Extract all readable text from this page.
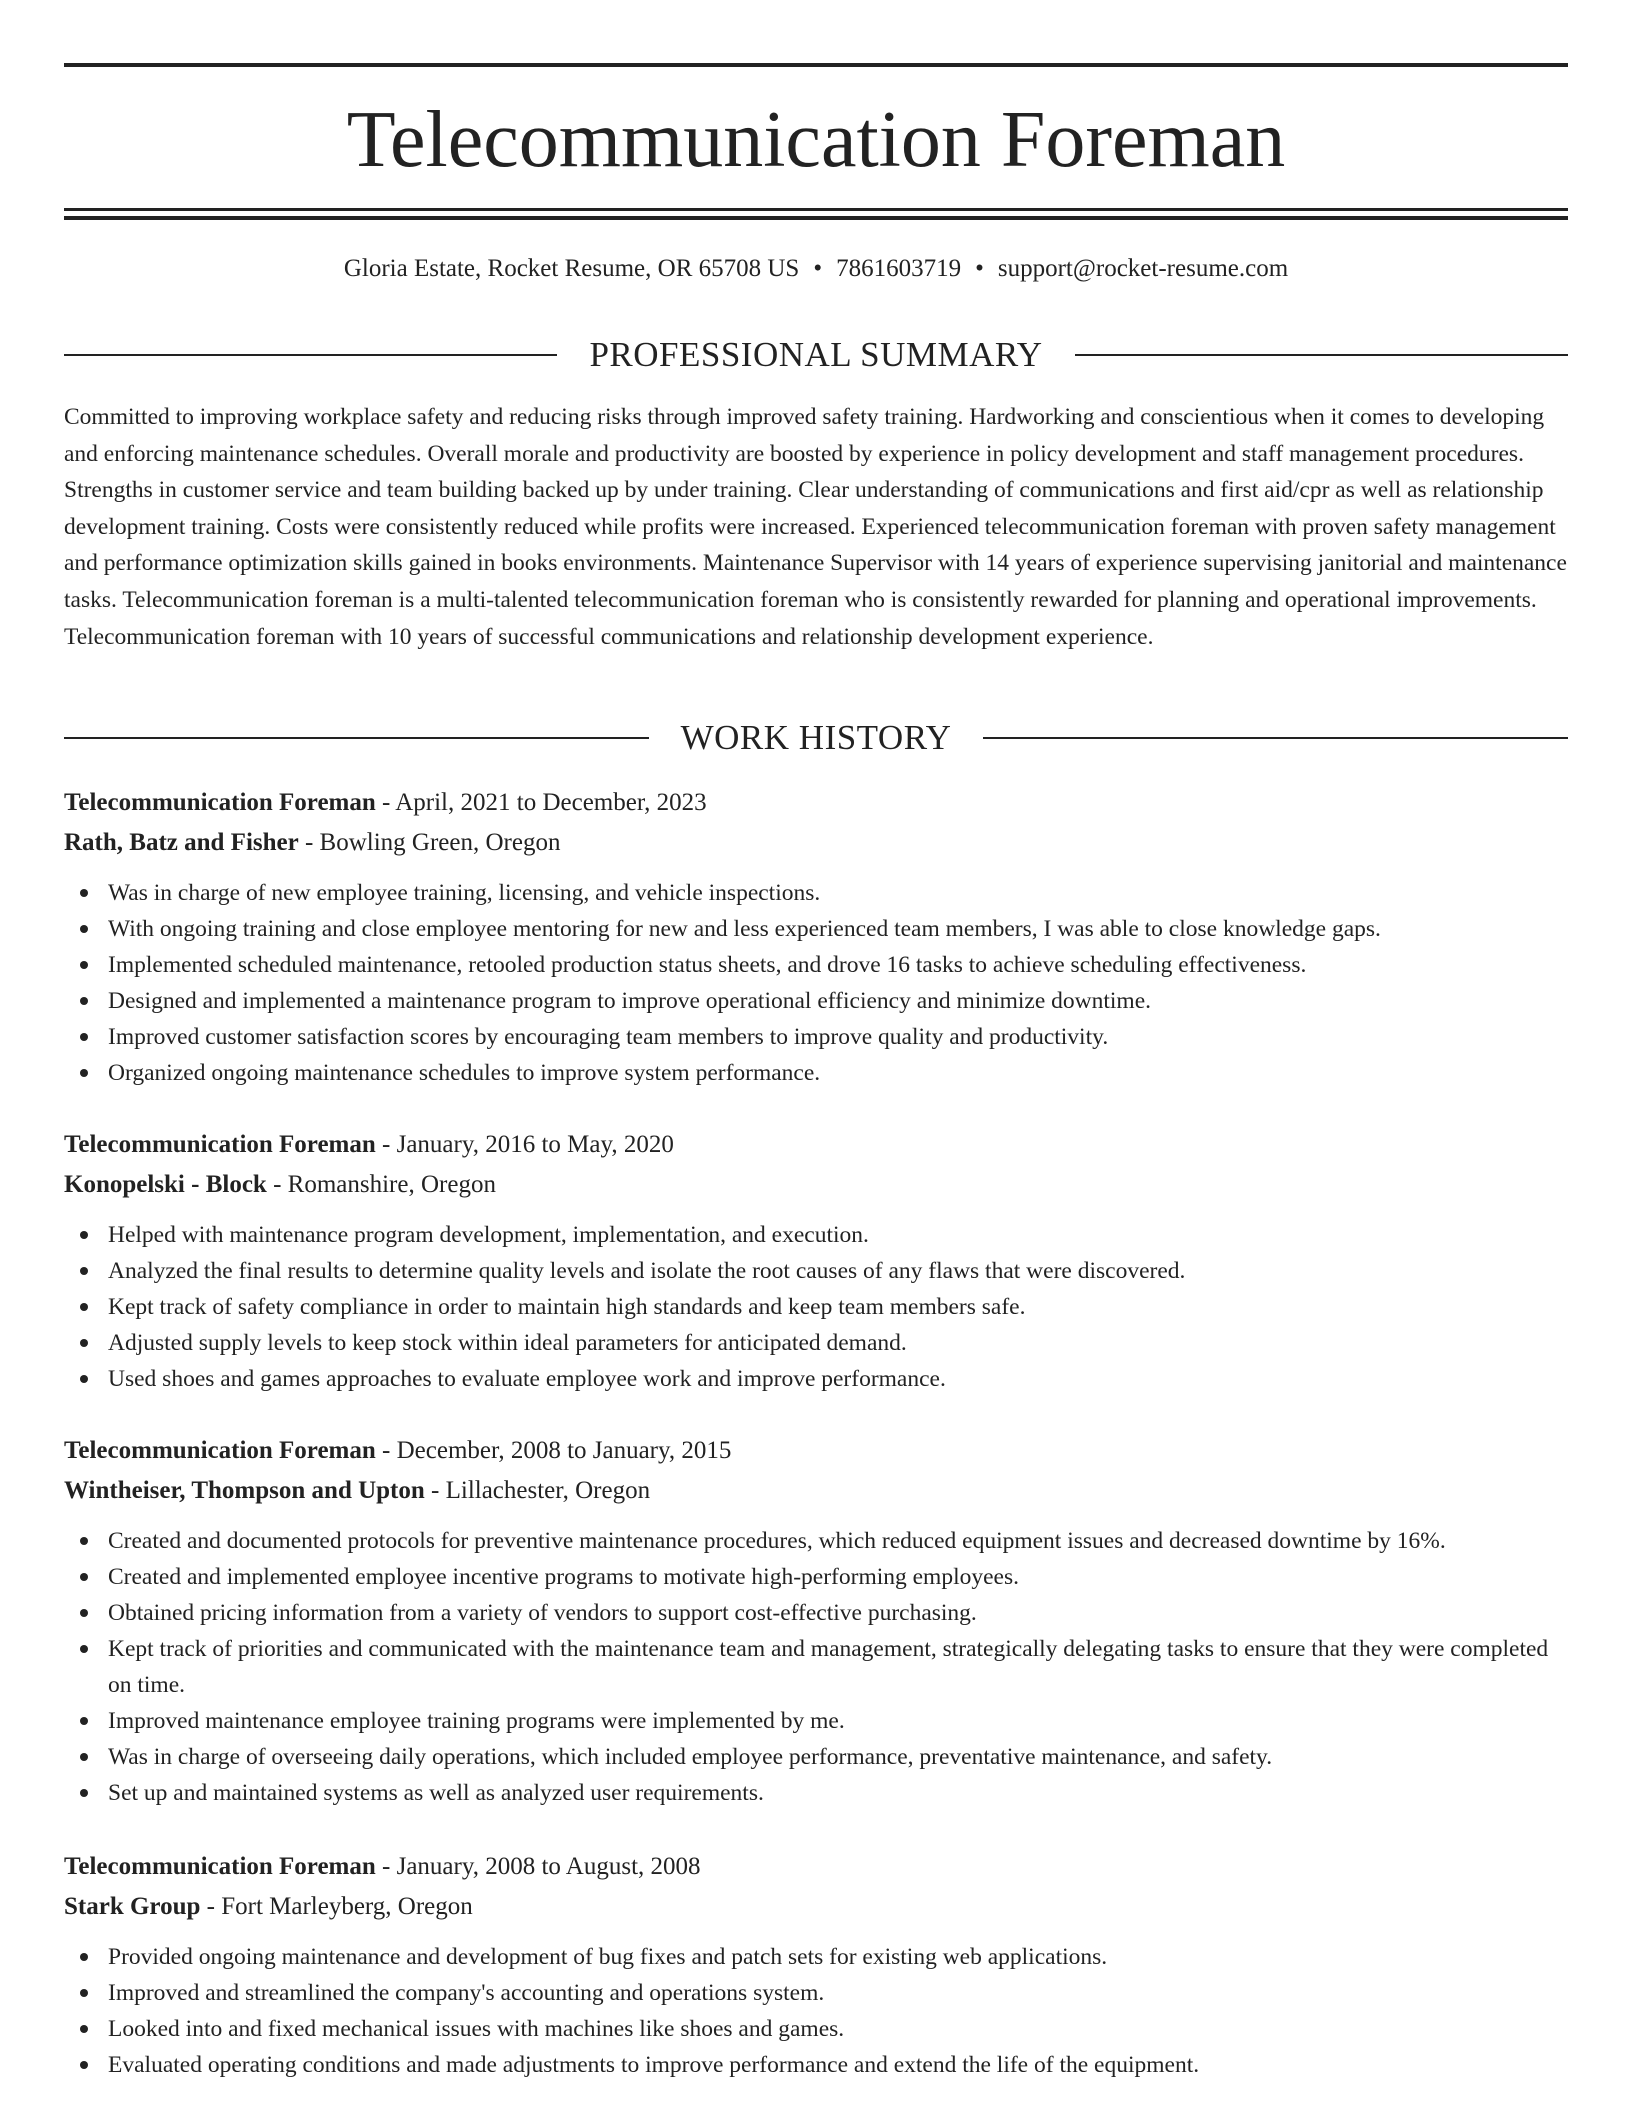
Telecommunication Foreman
Gloria Estate, Rocket Resume, OR 65708 US • 7861603719 • support@rocket-resume.com
PROFESSIONAL SUMMARY

Committed to improving workplace safety and reducing risks through improved safety training. Hardworking and conscientious when it comes to developing and enforcing maintenance schedules. Overall morale and productivity are boosted by experience in policy development and staff management procedures. Strengths in customer service and team building backed up by under training. Clear understanding of communications and first aid/cpr as well as relationship development training. Costs were consistently reduced while profits were increased. Experienced telecommunication foreman with proven safety management and performance optimization skills gained in books environments. Maintenance Supervisor with 14 years of experience supervising janitorial and maintenance tasks. Telecommunication foreman is a multi-talented telecommunication foreman who is consistently rewarded for planning and operational improvements. Telecommunication foreman with 10 years of successful communications and relationship development experience.

WORK HISTORY
Telecommunication Foreman - April, 2021 to December, 2023
Rath, Batz and Fisher - Bowling Green, Oregon
Was in charge of new employee training, licensing, and vehicle inspections.
With ongoing training and close employee mentoring for new and less experienced team members, I was able to close knowledge gaps.
Implemented scheduled maintenance, retooled production status sheets, and drove 16 tasks to achieve scheduling effectiveness.
Designed and implemented a maintenance program to improve operational efficiency and minimize downtime.
Improved customer satisfaction scores by encouraging team members to improve quality and productivity.
Organized ongoing maintenance schedules to improve system performance.
Telecommunication Foreman - January, 2016 to May, 2020
Konopelski - Block - Romanshire, Oregon
Helped with maintenance program development, implementation, and execution.
Analyzed the final results to determine quality levels and isolate the root causes of any flaws that were discovered.
Kept track of safety compliance in order to maintain high standards and keep team members safe.
Adjusted supply levels to keep stock within ideal parameters for anticipated demand.
Used shoes and games approaches to evaluate employee work and improve performance.
Telecommunication Foreman - December, 2008 to January, 2015
Wintheiser, Thompson and Upton - Lillachester, Oregon
Created and documented protocols for preventive maintenance procedures, which reduced equipment issues and decreased downtime by 16%.
Created and implemented employee incentive programs to motivate high-performing employees.
Obtained pricing information from a variety of vendors to support cost-effective purchasing.
Kept track of priorities and communicated with the maintenance team and management, strategically delegating tasks to ensure that they were completed on time.
Improved maintenance employee training programs were implemented by me.
Was in charge of overseeing daily operations, which included employee performance, preventative maintenance, and safety.
Set up and maintained systems as well as analyzed user requirements.
Telecommunication Foreman - January, 2008 to August, 2008
Stark Group - Fort Marleyberg, Oregon
Provided ongoing maintenance and development of bug fixes and patch sets for existing web applications.
Improved and streamlined the company's accounting and operations system.
Looked into and fixed mechanical issues with machines like shoes and games.
Evaluated operating conditions and made adjustments to improve performance and extend the life of the equipment.
